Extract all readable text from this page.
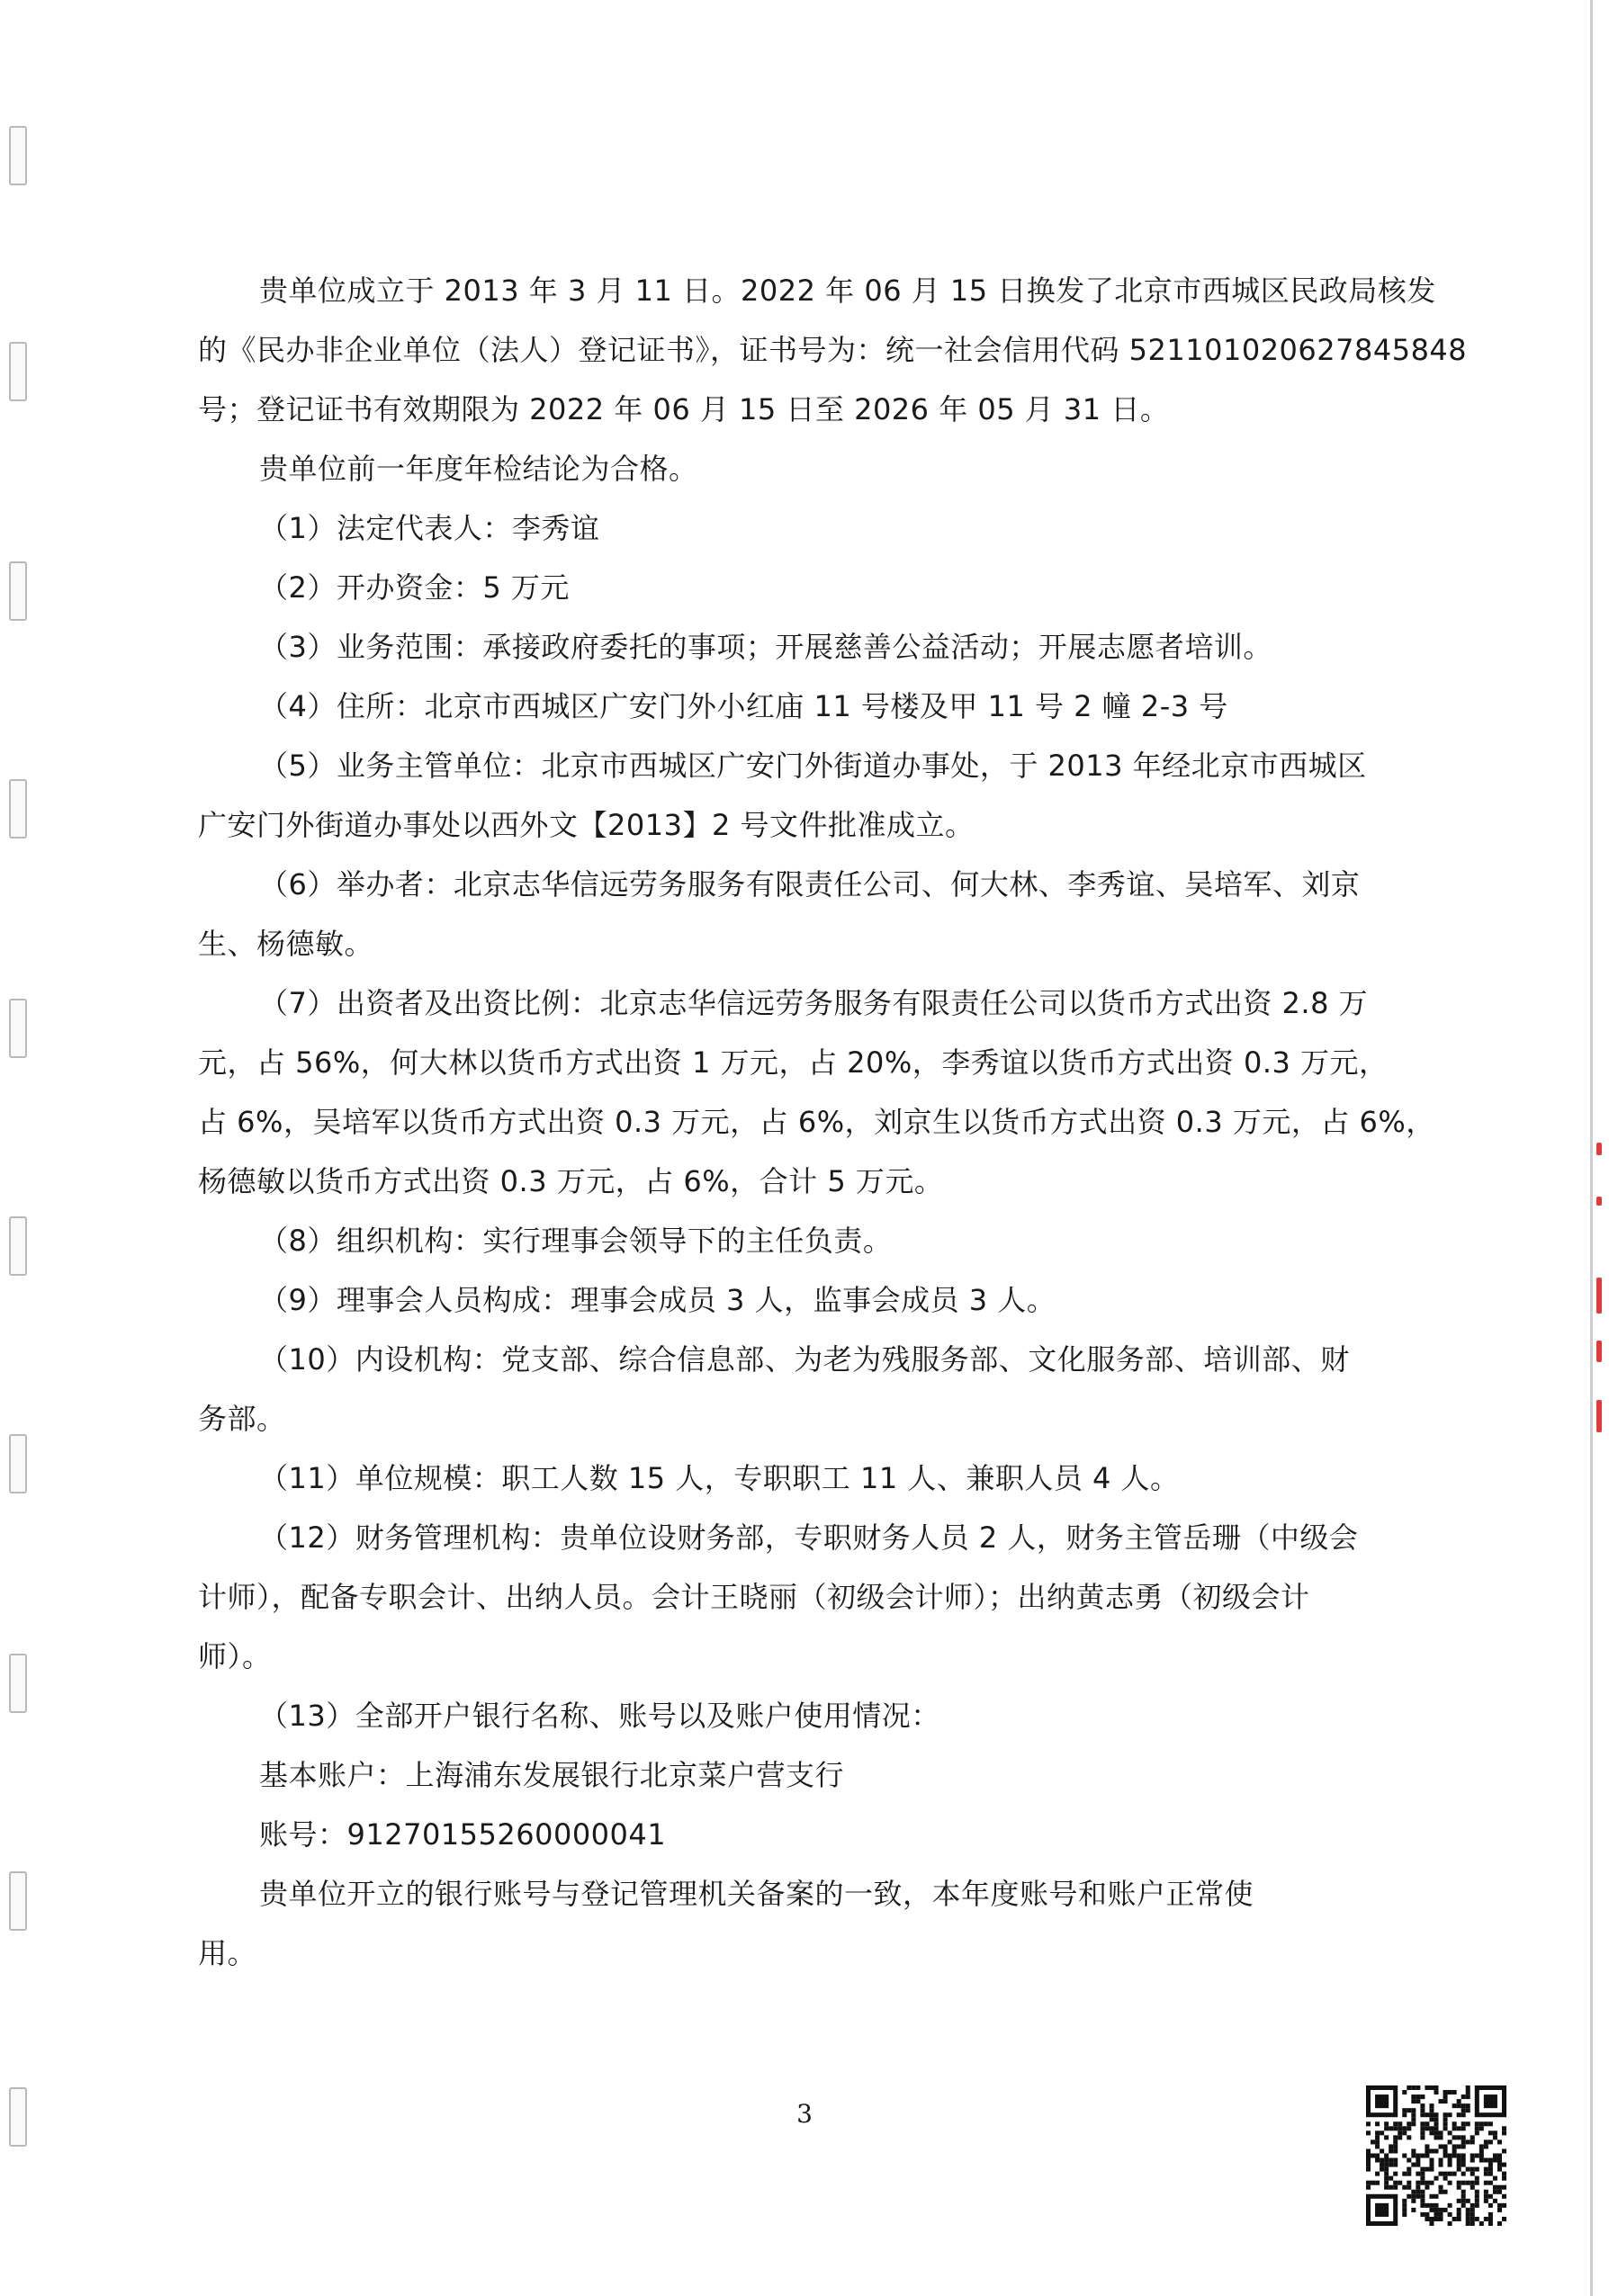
贵单位成立于 2013 年 3 月 11 日。2022 年 06 月 15 日换发了北京市西城区民政局核发
的《民办非企业单位（法人）登记证书》，证书号为：统一社会信用代码 52110102062784584​8
号；登记证书有效期限为 2022 年 06 月 15 日至 2026 年 05 月 31 日。
贵单位前一年度年检结论为合格。
（1）法定代表人：李秀谊
（2）开办资金：5 万元
（3）业务范围：承接政府委托的事项；开展慈善公益活动；开展志愿者培训。
（4）住所：北京市西城区广安门外小红庙 11 号楼及甲 11 号 2 幢 2-3 号
（5）业务主管单位：北京市西城区广安门外街道办事处，于 2013 年经北京市西城区
广安门外街道办事处以西外文【2013】2 号文件批准成立。
（6）举办者：北京志华信远劳务服务有限责任公司、何大林、李秀谊、吴培军、刘京
生、杨德敏。
（7）出资者及出资比例：北京志华信远劳务服务有限责任公司以货币方式出资 2.8 万
元，占 56%，何大林以货币方式出资 1 万元，占 20%，李秀谊以货币方式出资 0.3 万元，
占 6%，吴培军以货币方式出资 0.3 万元，占 6%，刘京生以货币方式出资 0.3 万元，占 6%，
杨德敏以货币方式出资 0.3 万元，占 6%，合计 5 万元。
（8）组织机构：实行理事会领导下的主任负责。
（9）理事会人员构成：理事会成员 3 人，监事会成员 3 人。
（10）内设机构：党支部、综合信息部、为老为残服务部、文化服务部、培训部、财
务部。
（11）单位规模：职工人数 15 人，专职职工 11 人、兼职人员 4 人。
（12）财务管理机构：贵单位设财务部，专职财务人员 2 人，财务主管岳珊（中级会
计师），配备专职会计、出纳人员。会计王晓丽（初级会计师）；出纳黄志勇（初级会计
师）。
（13）全部开户银行名称、账号以及账户使用情况：
基本账户：上海浦东发展银行北京菜户营支行
账号：91270155260000041
贵单位开立的银行账号与登记管理机关备案的一致，本年度账号和账户正常使
用。
3
